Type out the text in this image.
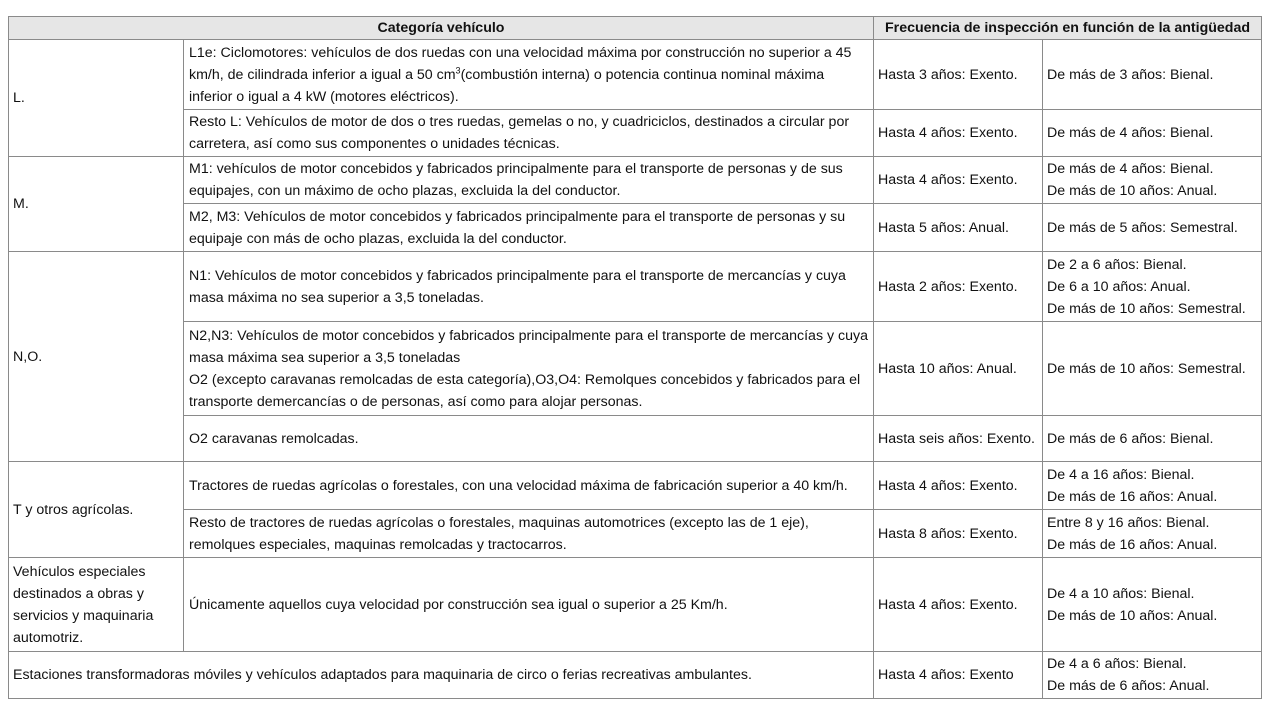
Categoría vehículo		Frecuencia de inspección en función de la antigüedad	
L.	L1e: Ciclomotores: vehículos de dos ruedas con una velocidad máxima por construcción no superior a 45 km/h, de cilindrada inferior a igual a 50 $cm^3(combustión$ interna) o potencia continua nominal máxima inferior o igual a 4 kW (motores eléctricos).	Hasta 3 años: Exento.	De más de 3 años: Bienal.

	Resto L: Vehículos de motor de dos o tres ruedas, gemelas o no, y cuadriciclos, destinados a circular por carretera, así como sus componentes o unidades técnicas.	Hasta 4 años: Exento.	De más de 4 años: Bienal.

M.	M1: vehículos de motor concebidos y fabricados principalmente para el transporte de personas y de sus equipajes, con un máximo de ocho plazas, excluida la del conductor.	Hasta 4 años: Exento.	De más de 4 años: Bienal.
De más de 10 años: Anual.

	M2, M3: Vehículos de motor concebidos y fabricados principalmente para el transporte de personas y su equipaje con más de ocho plazas, excluida la del conductor.	Hasta 5 años: Anual.	De más de 5 años: Semestral.

N,O.	N1: Vehículos de motor concebidos y fabricados principalmente para el transporte de mercancías y cuya masa máxima no sea superior a 3,5 toneladas.	Hasta 2 años: Exento.	De 2 a 6 años: Bienal.
De 6 a 10 años: Anual.
De más de 10 años: Semestral.

	N2,N3: Vehículos de motor concebidos y fabricados principalmente para el transporte de mercancías y cuya masa máxima sea superior a 3,5 toneladas
O2 (excepto caravanas remolcadas de esta categoría),O3,O4: Remolques concebidos y fabricados para el transporte demercancías o de personas, así como para alojar personas.	Hasta 10 años: Anual.	De más de 10 años: Semestral.

	O2 caravanas remolcadas.	Hasta seis años: Exento.	De más de 6 años: Bienal.

T y otros agrícolas.	Tractores de ruedas agrícolas o forestales, con una velocidad máxima de fabricación superior a 40 km/h.	Hasta 4 años: Exento.	De 4 a 16 años: Bienal.
De más de 16 años: Anual.

	Resto de tractores de ruedas agrícolas o forestales, maquinas automotrices (excepto las de 1 eje), remolques especiales, maquinas remolcadas y tractocarros.	Hasta 8 años: Exento.	Entre 8 y 16 años: Bienal.
De más de 16 años: Anual.

Vehículos especiales destinados a obras y servicios y maquinaria automotriz.	Únicamente aquellos cuya velocidad por construcción sea igual o superior a 25 Km/h.	Hasta 4 años: Exento.	De 4 a 10 años: Bienal.
De más de 10 años: Anual.

Estaciones transformadoras móviles y vehículos adaptados para maquinaria de circo o ferias recreativas ambulantes.		Hasta 4 años: Exento	De 4 a 6 años: Bienal.
De más de 6 años: Anual.
